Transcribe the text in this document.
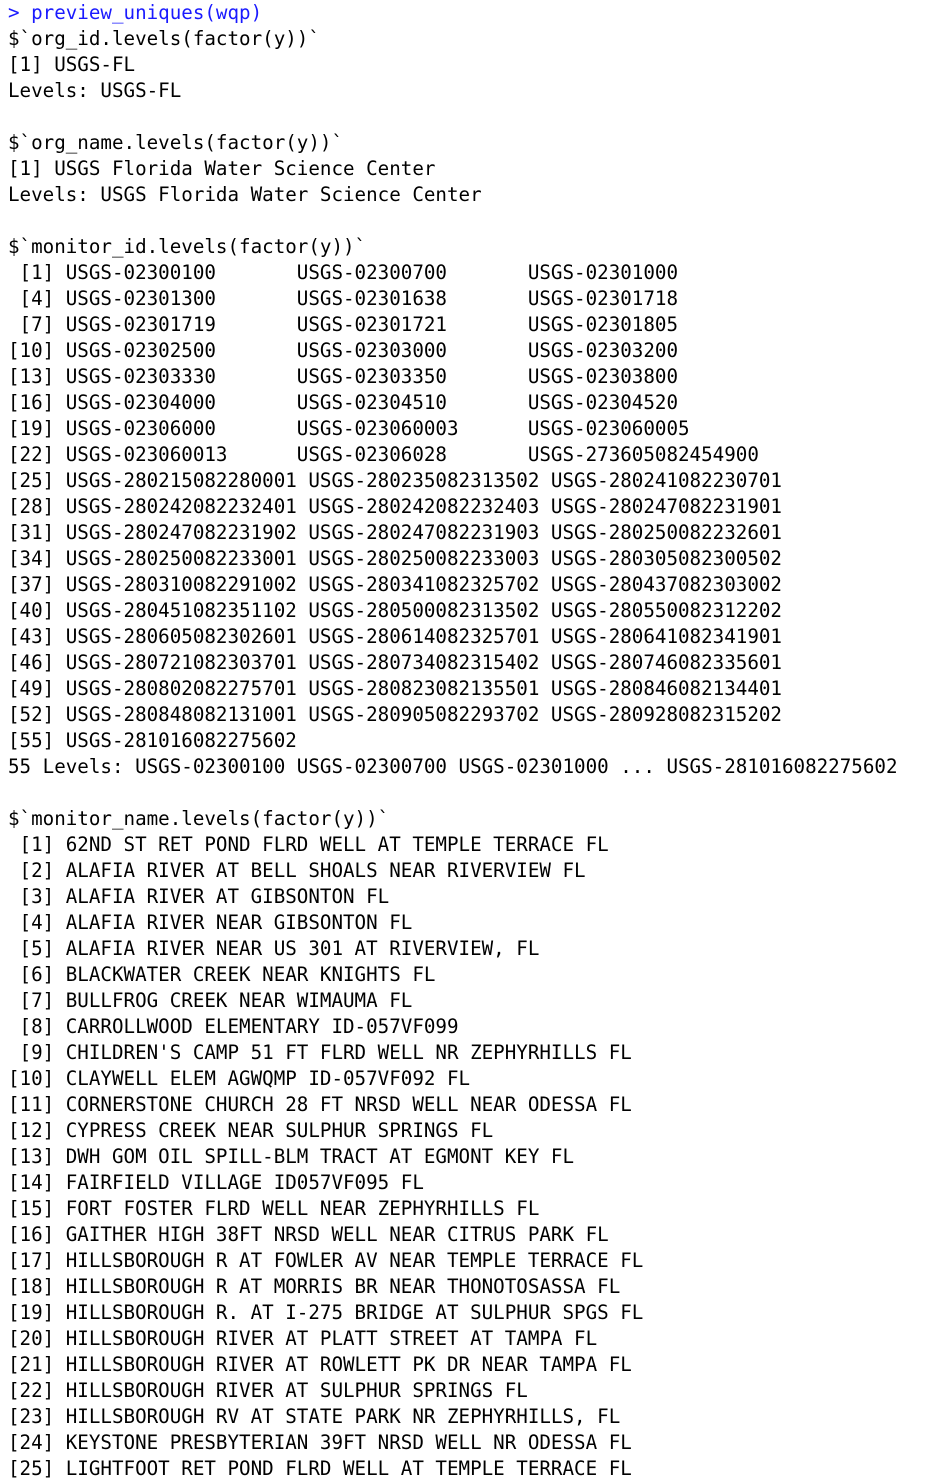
> preview_uniques(wqp)
$`org_id.levels(factor(y))`
[1] USGS-FL
Levels: USGS-FL
$`org_name.levels(factor(y))`
[1] USGS Florida Water Science Center
Levels: USGS Florida Water Science Center
$`monitor_id.levels(factor(y))`
[1] USGS-02300100       USGS-02300700       USGS-02301000
[4] USGS-02301300       USGS-02301638       USGS-02301718
[7] USGS-02301719       USGS-02301721       USGS-02301805
[10] USGS-02302500       USGS-02303000       USGS-02303200
[13] USGS-02303330       USGS-02303350       USGS-02303800
[16] USGS-02304000       USGS-02304510       USGS-02304520
[19] USGS-02306000       USGS-023060003      USGS-023060005
[22] USGS-023060013      USGS-02306028       USGS-273605082454900
[25] USGS-280215082280001 USGS-280235082313502 USGS-280241082230701
[28] USGS-280242082232401 USGS-280242082232403 USGS-280247082231901
[31] USGS-280247082231902 USGS-280247082231903 USGS-280250082232601
[34] USGS-280250082233001 USGS-280250082233003 USGS-280305082300502
[37] USGS-280310082291002 USGS-280341082325702 USGS-280437082303002
[40] USGS-280451082351102 USGS-280500082313502 USGS-280550082312202
[43] USGS-280605082302601 USGS-280614082325701 USGS-280641082341901
[46] USGS-280721082303701 USGS-280734082315402 USGS-280746082335601
[49] USGS-280802082275701 USGS-280823082135501 USGS-280846082134401
[52] USGS-280848082131001 USGS-280905082293702 USGS-280928082315202
[55] USGS-281016082275602
55 Levels: USGS-02300100 USGS-02300700 USGS-02301000 ... USGS-281016082275602
$`monitor_name.levels(factor(y))`
[1] 62ND ST RET POND FLRD WELL AT TEMPLE TERRACE FL
[2] ALAFIA RIVER AT BELL SHOALS NEAR RIVERVIEW FL
[3] ALAFIA RIVER AT GIBSONTON FL
[4] ALAFIA RIVER NEAR GIBSONTON FL
[5] ALAFIA RIVER NEAR US 301 AT RIVERVIEW, FL
[6] BLACKWATER CREEK NEAR KNIGHTS FL
[7] BULLFROG CREEK NEAR WIMAUMA FL
[8] CARROLLWOOD ELEMENTARY ID-057VF099
[9] CHILDREN'S CAMP 51 FT FLRD WELL NR ZEPHYRHILLS FL
[10] CLAYWELL ELEM AGWQMP ID-057VF092 FL
[11] CORNERSTONE CHURCH 28 FT NRSD WELL NEAR ODESSA FL
[12] CYPRESS CREEK NEAR SULPHUR SPRINGS FL
[13] DWH GOM OIL SPILL-BLM TRACT AT EGMONT KEY FL
[14] FAIRFIELD VILLAGE ID057VF095 FL
[15] FORT FOSTER FLRD WELL NEAR ZEPHYRHILLS FL
[16] GAITHER HIGH 38FT NRSD WELL NEAR CITRUS PARK FL
[17] HILLSBOROUGH R AT FOWLER AV NEAR TEMPLE TERRACE FL
[18] HILLSBOROUGH R AT MORRIS BR NEAR THONOTOSASSA FL
[19] HILLSBOROUGH R. AT I-275 BRIDGE AT SULPHUR SPGS FL
[20] HILLSBOROUGH RIVER AT PLATT STREET AT TAMPA FL
[21] HILLSBOROUGH RIVER AT ROWLETT PK DR NEAR TAMPA FL
[22] HILLSBOROUGH RIVER AT SULPHUR SPRINGS FL
[23] HILLSBOROUGH RV AT STATE PARK NR ZEPHYRHILLS, FL
[24] KEYSTONE PRESBYTERIAN 39FT NRSD WELL NR ODESSA FL
[25] LIGHTFOOT RET POND FLRD WELL AT TEMPLE TERRACE FL
